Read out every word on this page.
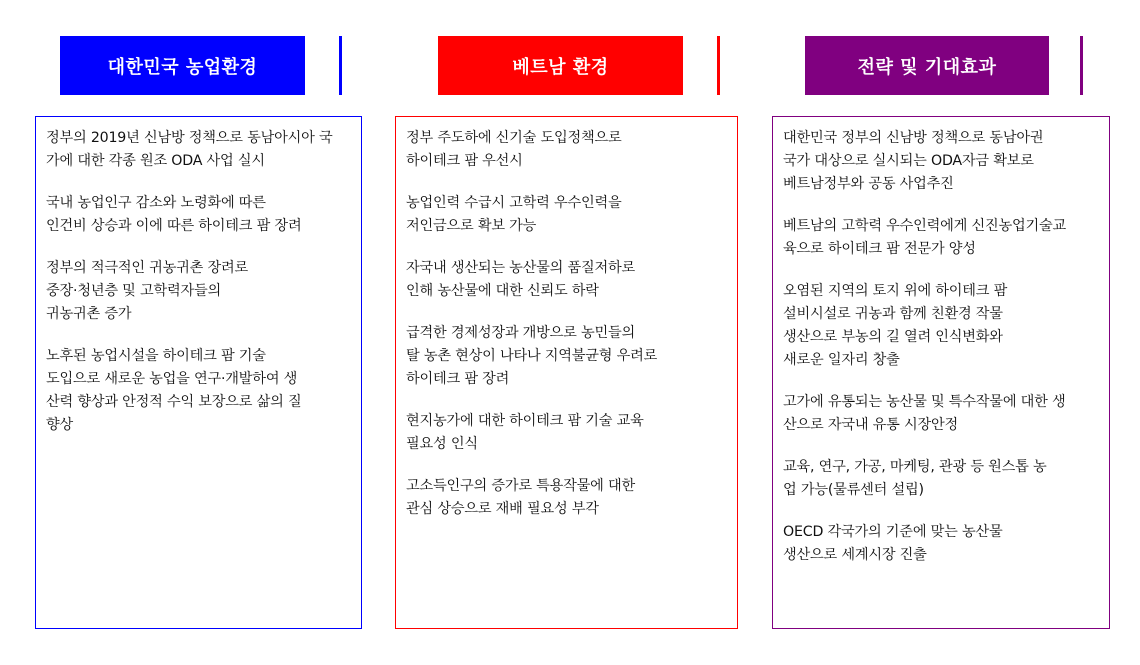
대한민국 농업환경

정부의 2019년 신남방 정책으로 동남아시아 국
가에 대한 각종 원조 ODA 사업 실시

국내 농업인구 감소와 노령화에 따른
인건비 상승과 이에 따른 하이테크 팜 장려

정부의 적극적인 귀농귀촌 장려로
중장·청년층 및 고학력자들의
귀농귀촌 증가

노후된 농업시설을 하이테크 팜 기술
도입으로 새로운 농업을 연구·개발하여 생
산력 향상과 안정적 수익 보장으로 삶의 질
향상

베트남 환경

정부 주도하에 신기술 도입정책으로
하이테크 팜 우선시

농업인력 수급시 고학력 우수인력을
저인금으로 확보 가능

자국내 생산되는 농산물의 품질저하로
인해 농산물에 대한 신뢰도 하락

급격한 경제성장과 개방으로 농민들의
탈 농촌 현상이 나타나 지역불균형 우려로
하이테크 팜 장려

현지농가에 대한 하이테크 팜 기술 교육
필요성 인식

고소득인구의 증가로 특용작물에 대한
관심 상승으로 재배 필요성 부각

전략 및 기대효과

대한민국 정부의 신남방 정책으로 동남아권
국가 대상으로 실시되는 ODA자금 확보로
베트남정부와 공동 사업추진

베트남의 고학력 우수인력에게 신진농업기술교
육으로 하이테크 팜 전문가 양성

오염된 지역의 토지 위에 하이테크 팜
설비시설로 귀농과 함께 친환경 작물
생산으로 부농의 길 열려 인식변화와
새로운 일자리 창출

고가에 유통되는 농산물 및 특수작물에 대한 생
산으로 자국내 유통 시장안정

교육, 연구, 가공, 마케팅, 관광 등 원스톱 농
업 가능(물류센터 설립)

OECD 각국가의 기준에 맞는 농산물
생산으로 세계시장 진출
